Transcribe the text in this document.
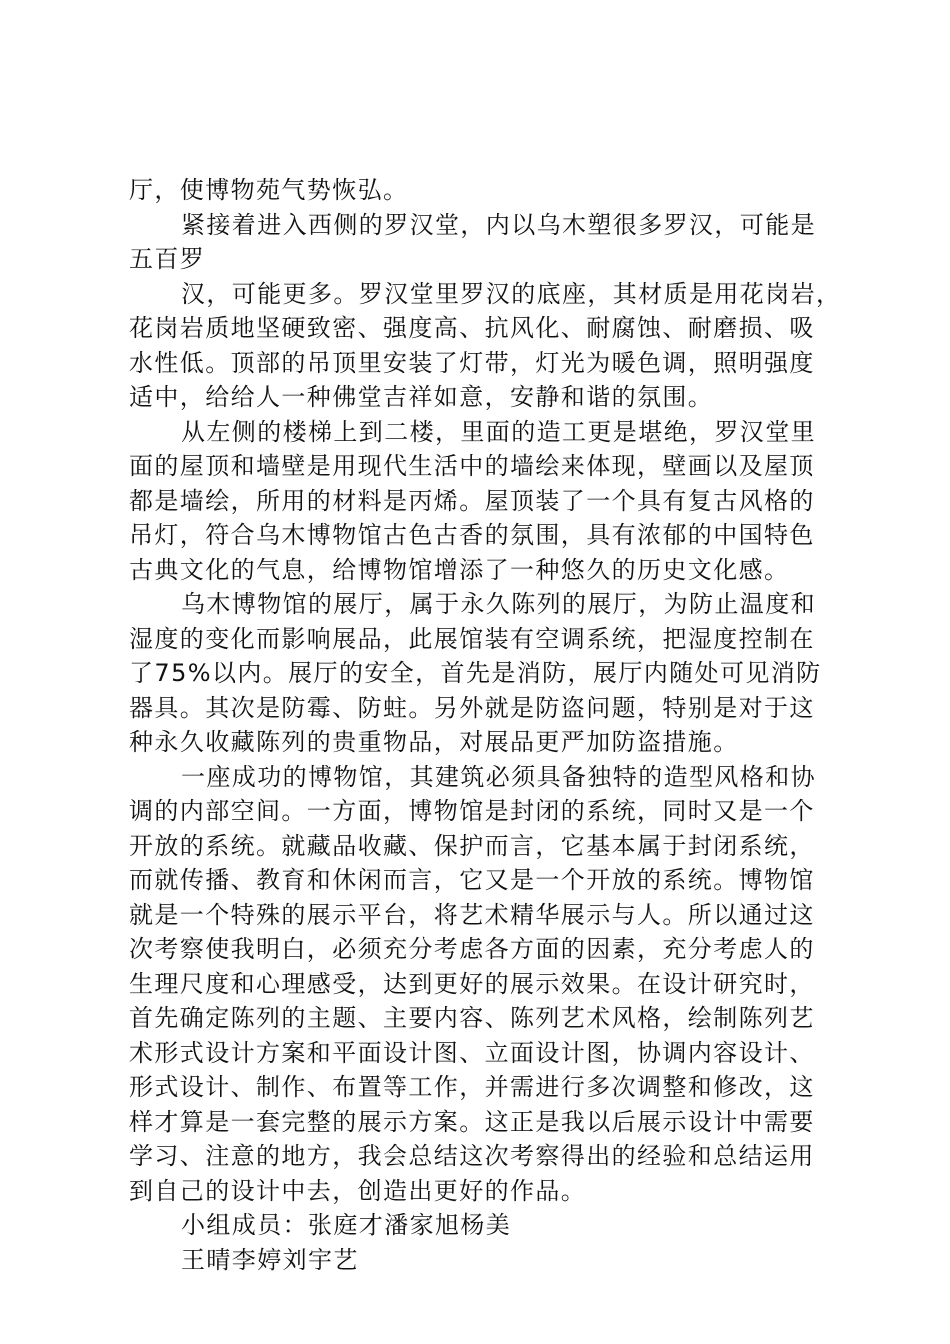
厅，使博物苑气势恢弘。
紧接着进入西侧的罗汉堂，内以乌木塑很多罗汉，可能是
五百罗
汉，可能更多。罗汉堂里罗汉的底座，其材质是用花岗岩，
花岗岩质地坚硬致密、强度高、抗风化、耐腐蚀、耐磨损、吸
水性低。顶部的吊顶里安装了灯带，灯光为暖色调，照明强度
适中，给给人一种佛堂吉祥如意，安静和谐的氛围。
从左侧的楼梯上到二楼，里面的造工更是堪绝，罗汉堂里
面的屋顶和墙壁是用现代生活中的墙绘来体现，壁画以及屋顶
都是墙绘，所用的材料是丙烯。屋顶装了一个具有复古风格的
吊灯，符合乌木博物馆古色古香的氛围，具有浓郁的中国特色
古典文化的气息，给博物馆增添了一种悠久的历史文化感。
乌木博物馆的展厅，属于永久陈列的展厅，为防止温度和
湿度的变化而影响展品，此展馆装有空调系统，把湿度控制在
了75%以内。展厅的安全，首先是消防，展厅内随处可见消防
器具。其次是防霉、防蛀。另外就是防盗问题，特别是对于这
种永久收藏陈列的贵重物品，对展品更严加防盗措施。
一座成功的博物馆，其建筑必须具备独特的造型风格和协
调的内部空间。一方面，博物馆是封闭的系统，同时又是一个
开放的系统。就藏品收藏、保护而言，它基本属于封闭系统，
而就传播、教育和休闲而言，它又是一个开放的系统。博物馆
就是一个特殊的展示平台，将艺术精华展示与人。所以通过这
次考察使我明白，必须充分考虑各方面的因素，充分考虑人的
生理尺度和心理感受，达到更好的展示效果。在设计研究时，
首先确定陈列的主题、主要内容、陈列艺术风格，绘制陈列艺
术形式设计方案和平面设计图、立面设计图，协调内容设计、
形式设计、制作、布置等工作，并需进行多次调整和修改，这
样才算是一套完整的展示方案。这正是我以后展示设计中需要
学习、注意的地方，我会总结这次考察得出的经验和总结运用
到自己的设计中去，创造出更好的作品。
小组成员：张庭才潘家旭杨美
王晴李婷刘宇艺
